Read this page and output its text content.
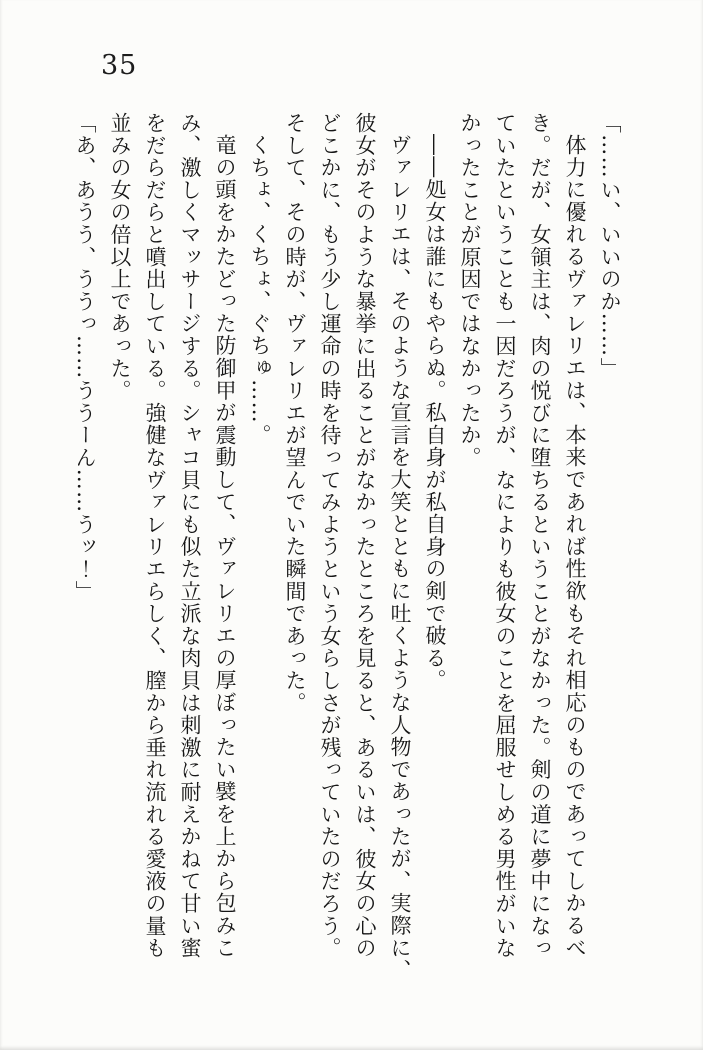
35

「……い、いいのか……」

体力に優れるヴァレリエは、本来であれば性欲もそれ相応のものであってしかるべ

き。だが、女領主は、肉の悦びに堕ちるということがなかった。剣の道に夢中になっ

ていたということも一因だろうが、なによりも彼女のことを屈服せしめる男性がいな

かったことが原因ではなかったか。

――処女は誰にもやらぬ。私自身が私自身の剣で破る。

ヴァレリエは、そのような宣言を大笑とともに吐くような人物であったが、実際に、

彼女がそのような暴挙に出ることがなかったところを見ると、あるいは、彼女の心の

どこかに、もう少し運命の時を待ってみようという女らしさが残っていたのだろう。

そして、その時が、ヴァレリエが望んでいた瞬間であった。

くちょ、くちょ、ぐちゅ……。

竜の頭をかたどった防御甲が震動して、ヴァレリエの厚ぼったい襞を上から包みこ

み、激しくマッサージする。シャコ貝にも似た立派な肉貝は刺激に耐えかねて甘い蜜

をだらだらと噴出している。強健なヴァレリエらしく、膣から垂れ流れる愛液の量も

並みの女の倍以上であった。

「あ、あうう、ううっ……ううーん……うッ！」
